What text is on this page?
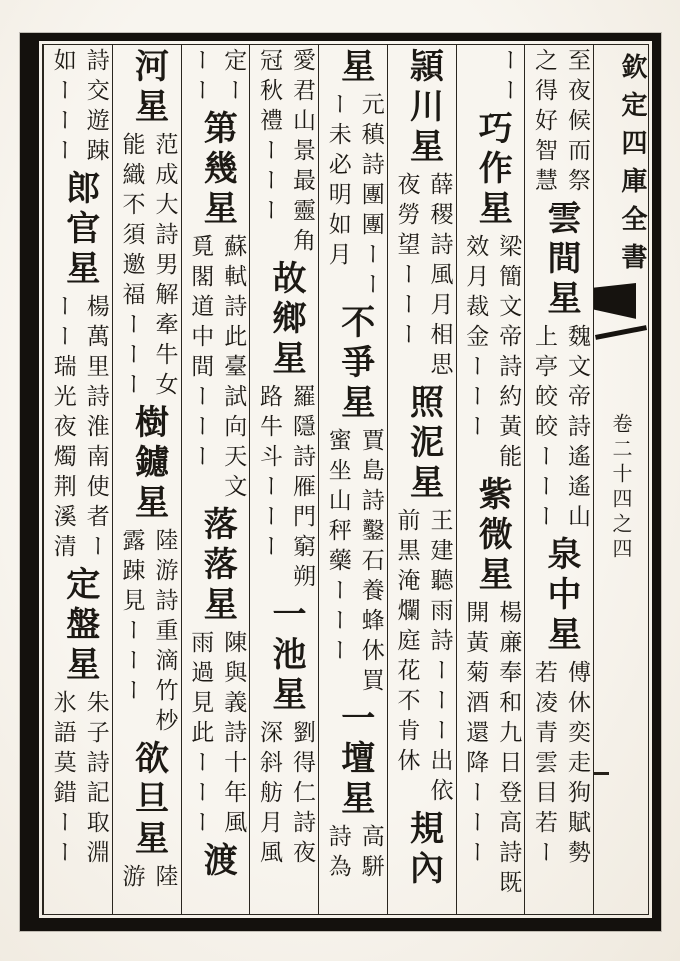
欽定四庫全書
卷二十四之四
至夜候而祭
之得好智慧
雲間星
魏文帝詩遙遙山
上亭皎皎ーーー
泉中星
傅休奕走狗賦勢
若凌青雲目若ー
ーー
巧作星
梁簡文帝詩約黃能
效月裁金ーーー
紫微星
楊亷奉和九日登高詩既
開黃菊酒還降ーーー
頴川星
薛稷詩風月相思
夜勞望ーーー
照泥星
王建聽雨詩ーーー出依
前黒淹爛庭花不肯休
規內
星
元稹詩團團ーー
ー未必明如月
不爭星
賈島詩鑿石養蜂休買
蜜坐山秤藥ーーー
一壇星
高駢
詩為
愛君山景最靈角
冠秋禮ーーー
故鄉星
羅隱詩雁門窮朔
路牛斗ーーー
一池星
劉得仁詩夜
深斜舫月風
定ー
ーー
第幾星
蘇軾詩此臺試向天文
覓閣道中間ーーー
落落星
陳與義詩十年風
雨過見此ーーー
渡
河星
范成大詩男解牽牛女
能織不須邀福ーーー
樹鑢星
陸游詩重滴竹杪
露踈見ーーー
欲旦星
陸
游
詩交遊踈
如ーーー
郎官星
楊萬里詩淮南使者ー
ーー瑞光夜燭荆溪清
定盤星
朱子詩記取淵
氷語莫錯ーー
